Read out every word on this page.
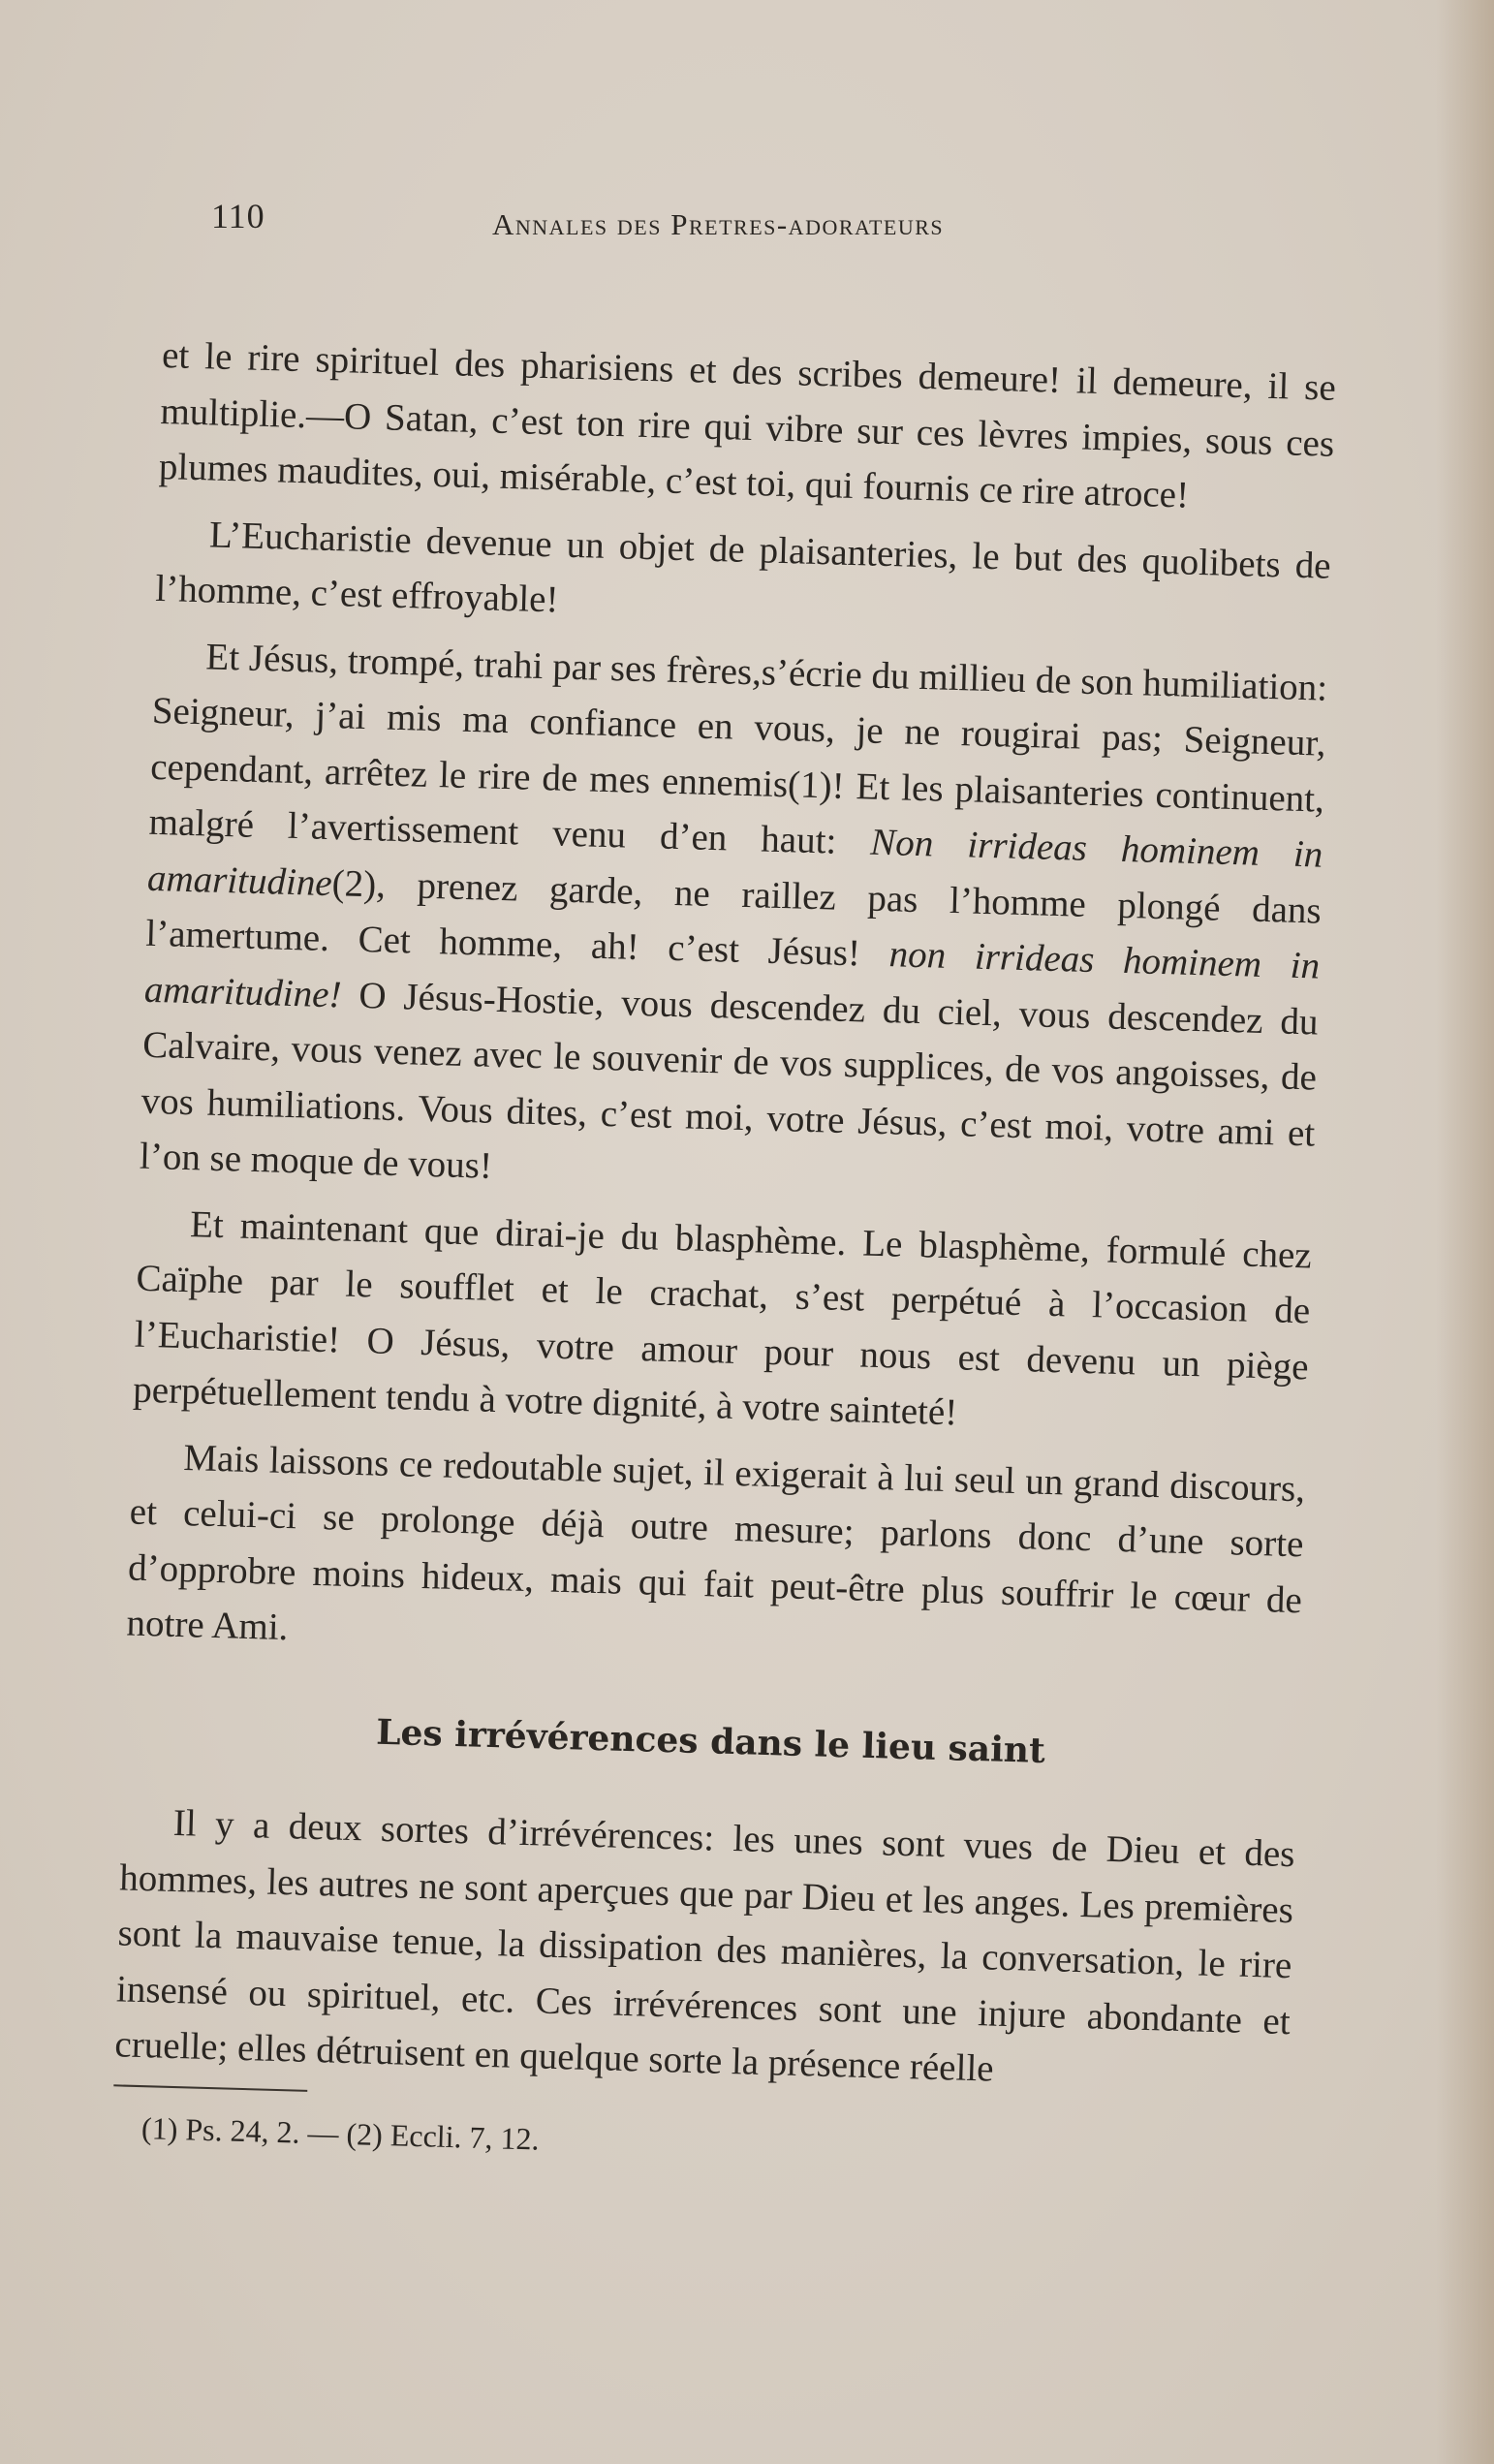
110	Annales des Pretres-adorateurs

et le rire spirituel des pharisiens et des scribes demeure! il demeure, il se multiplie.—O Satan, c’est ton rire qui vibre sur ces lèvres impies, sous ces plumes maudites, oui, misérable, c’est toi, qui fournis ce rire atroce!

L’Eucharistie devenue un objet de plaisanteries, le but des quolibets de l’homme, c’est effroyable!

Et Jésus, trompé, trahi par ses frères,s’écrie du millieu de son humiliation: Seigneur, j’ai mis ma confiance en vous, je ne rougirai pas; Seigneur, cependant, arrêtez le rire de mes ennemis(1)! Et les plaisanteries continuent, malgré l’avertissement venu d’en haut: Non irrideas hominem in amaritudine(2), prenez garde, ne raillez pas l’homme plongé dans l’amertume. Cet homme, ah! c’est Jésus! non irrideas hominem in amaritudine! O Jésus-Hostie, vous descendez du ciel, vous descendez du Calvaire, vous venez avec le souvenir de vos supplices, de vos angoisses, de vos humiliations. Vous dites, c’est moi, votre Jésus, c’est moi, votre ami et l’on se moque de vous!

Et maintenant que dirai-je du blasphème. Le blasphème, formulé chez Caïphe par le soufflet et le crachat, s’est perpétué à l’occasion de l’Eucharistie! O Jésus, votre amour pour nous est devenu un piège perpétuellement tendu à votre dignité, à votre sainteté!

Mais laissons ce redoutable sujet, il exigerait à lui seul un grand discours, et celui-ci se prolonge déjà outre mesure; parlons donc d’une sorte d’opprobre moins hideux, mais qui fait peut-être plus souffrir le cœur de notre Ami.

Les irrévérences dans le lieu saint

Il y a deux sortes d’irrévérences: les unes sont vues de Dieu et des hommes, les autres ne sont aperçues que par Dieu et les anges. Les premières sont la mauvaise tenue, la dissipation des manières, la conversation, le rire insensé ou spirituel, etc. Ces irrévérences sont une injure abondante et cruelle; elles détruisent en quelque sorte la présence réelle

(1) Ps. 24, 2. — (2) Eccli. 7, 12.
